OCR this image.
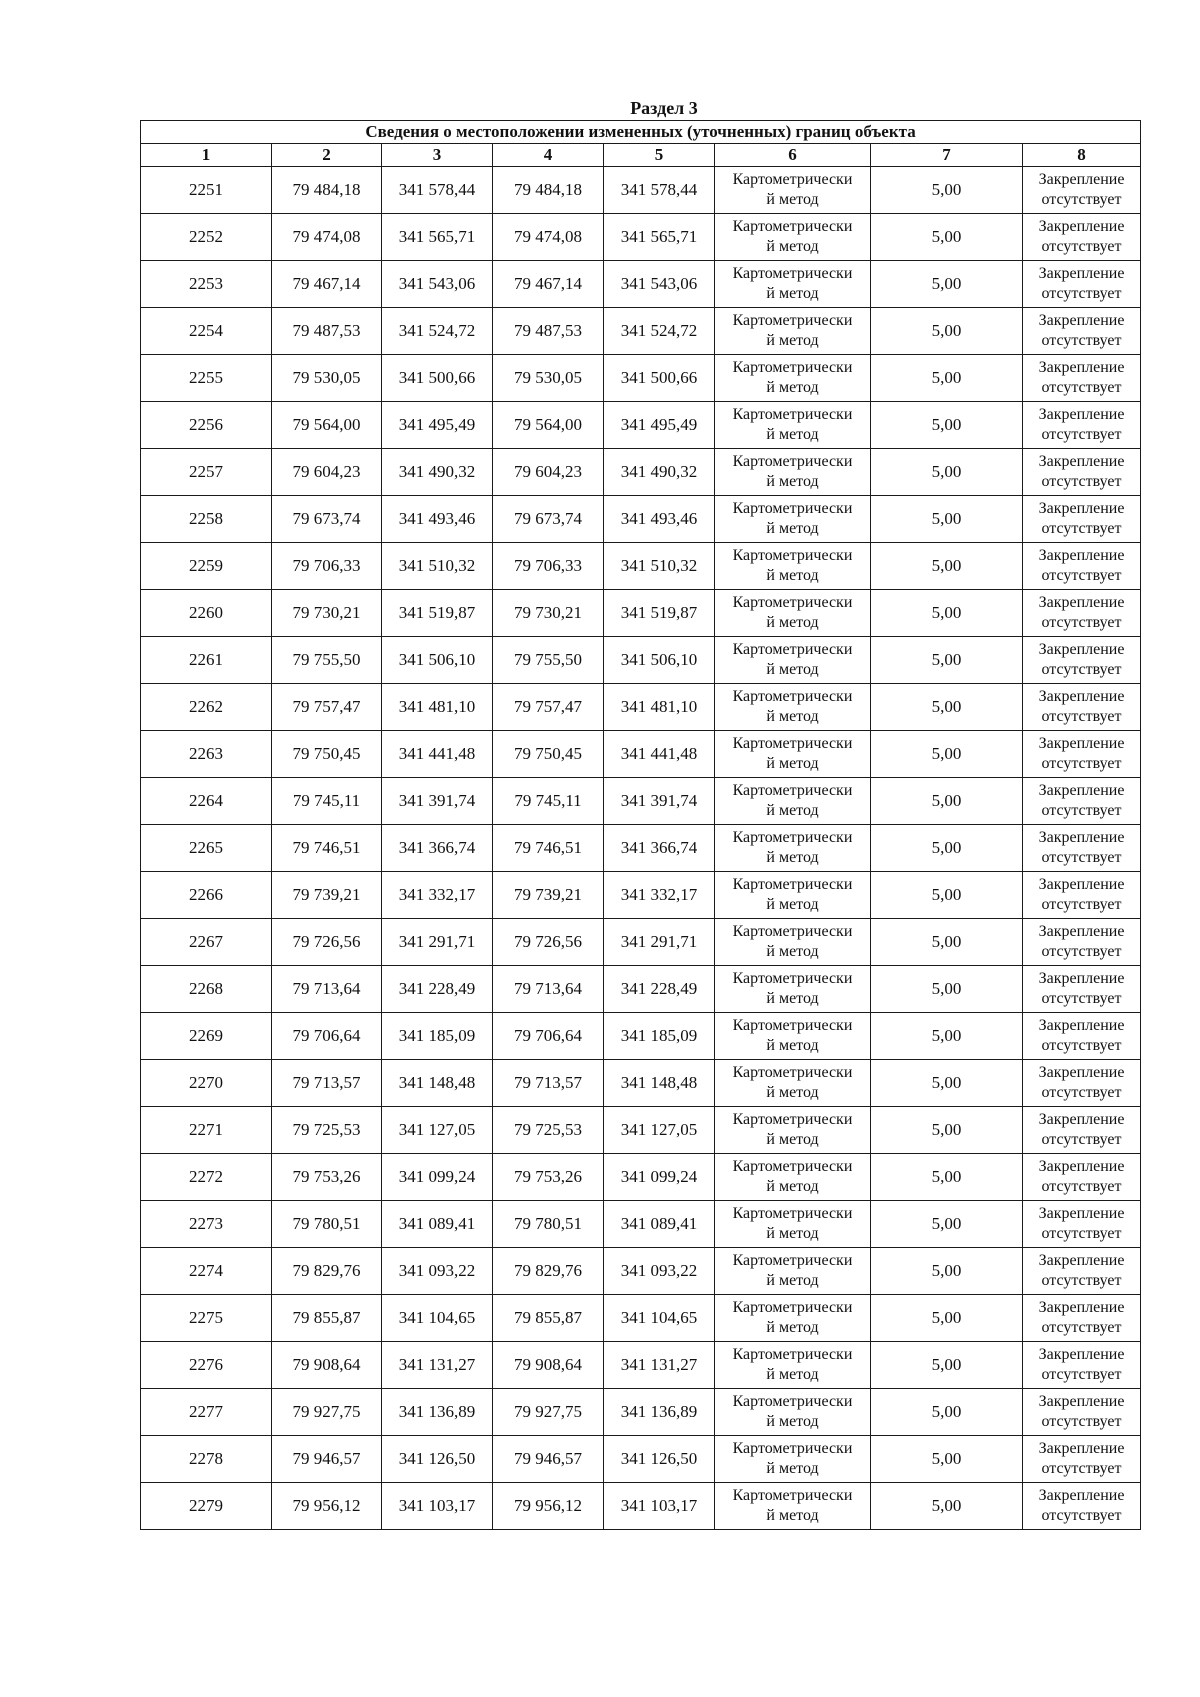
Раздел 3
Сведения о местоположении измененных (уточненных) границ объекта							
1	2	3	4	5	6	7	8
2251	79 484,18	341 578,44	79 484,18	341 578,44	Картометрически
й метод	5,00	Закрепление
отсутствует

2252	79 474,08	341 565,71	79 474,08	341 565,71	Картометрически
й метод	5,00	Закрепление
отсутствует

2253	79 467,14	341 543,06	79 467,14	341 543,06	Картометрически
й метод	5,00	Закрепление
отсутствует

2254	79 487,53	341 524,72	79 487,53	341 524,72	Картометрически
й метод	5,00	Закрепление
отсутствует

2255	79 530,05	341 500,66	79 530,05	341 500,66	Картометрически
й метод	5,00	Закрепление
отсутствует

2256	79 564,00	341 495,49	79 564,00	341 495,49	Картометрически
й метод	5,00	Закрепление
отсутствует

2257	79 604,23	341 490,32	79 604,23	341 490,32	Картометрически
й метод	5,00	Закрепление
отсутствует

2258	79 673,74	341 493,46	79 673,74	341 493,46	Картометрически
й метод	5,00	Закрепление
отсутствует

2259	79 706,33	341 510,32	79 706,33	341 510,32	Картометрически
й метод	5,00	Закрепление
отсутствует

2260	79 730,21	341 519,87	79 730,21	341 519,87	Картометрически
й метод	5,00	Закрепление
отсутствует

2261	79 755,50	341 506,10	79 755,50	341 506,10	Картометрически
й метод	5,00	Закрепление
отсутствует

2262	79 757,47	341 481,10	79 757,47	341 481,10	Картометрически
й метод	5,00	Закрепление
отсутствует

2263	79 750,45	341 441,48	79 750,45	341 441,48	Картометрически
й метод	5,00	Закрепление
отсутствует

2264	79 745,11	341 391,74	79 745,11	341 391,74	Картометрически
й метод	5,00	Закрепление
отсутствует

2265	79 746,51	341 366,74	79 746,51	341 366,74	Картометрически
й метод	5,00	Закрепление
отсутствует

2266	79 739,21	341 332,17	79 739,21	341 332,17	Картометрически
й метод	5,00	Закрепление
отсутствует

2267	79 726,56	341 291,71	79 726,56	341 291,71	Картометрически
й метод	5,00	Закрепление
отсутствует

2268	79 713,64	341 228,49	79 713,64	341 228,49	Картометрически
й метод	5,00	Закрепление
отсутствует

2269	79 706,64	341 185,09	79 706,64	341 185,09	Картометрически
й метод	5,00	Закрепление
отсутствует

2270	79 713,57	341 148,48	79 713,57	341 148,48	Картометрически
й метод	5,00	Закрепление
отсутствует

2271	79 725,53	341 127,05	79 725,53	341 127,05	Картометрически
й метод	5,00	Закрепление
отсутствует

2272	79 753,26	341 099,24	79 753,26	341 099,24	Картометрически
й метод	5,00	Закрепление
отсутствует

2273	79 780,51	341 089,41	79 780,51	341 089,41	Картометрически
й метод	5,00	Закрепление
отсутствует

2274	79 829,76	341 093,22	79 829,76	341 093,22	Картометрически
й метод	5,00	Закрепление
отсутствует

2275	79 855,87	341 104,65	79 855,87	341 104,65	Картометрически
й метод	5,00	Закрепление
отсутствует

2276	79 908,64	341 131,27	79 908,64	341 131,27	Картометрически
й метод	5,00	Закрепление
отсутствует

2277	79 927,75	341 136,89	79 927,75	341 136,89	Картометрически
й метод	5,00	Закрепление
отсутствует

2278	79 946,57	341 126,50	79 946,57	341 126,50	Картометрически
й метод	5,00	Закрепление
отсутствует

2279	79 956,12	341 103,17	79 956,12	341 103,17	Картометрически
й метод	5,00	Закрепление
отсутствует
